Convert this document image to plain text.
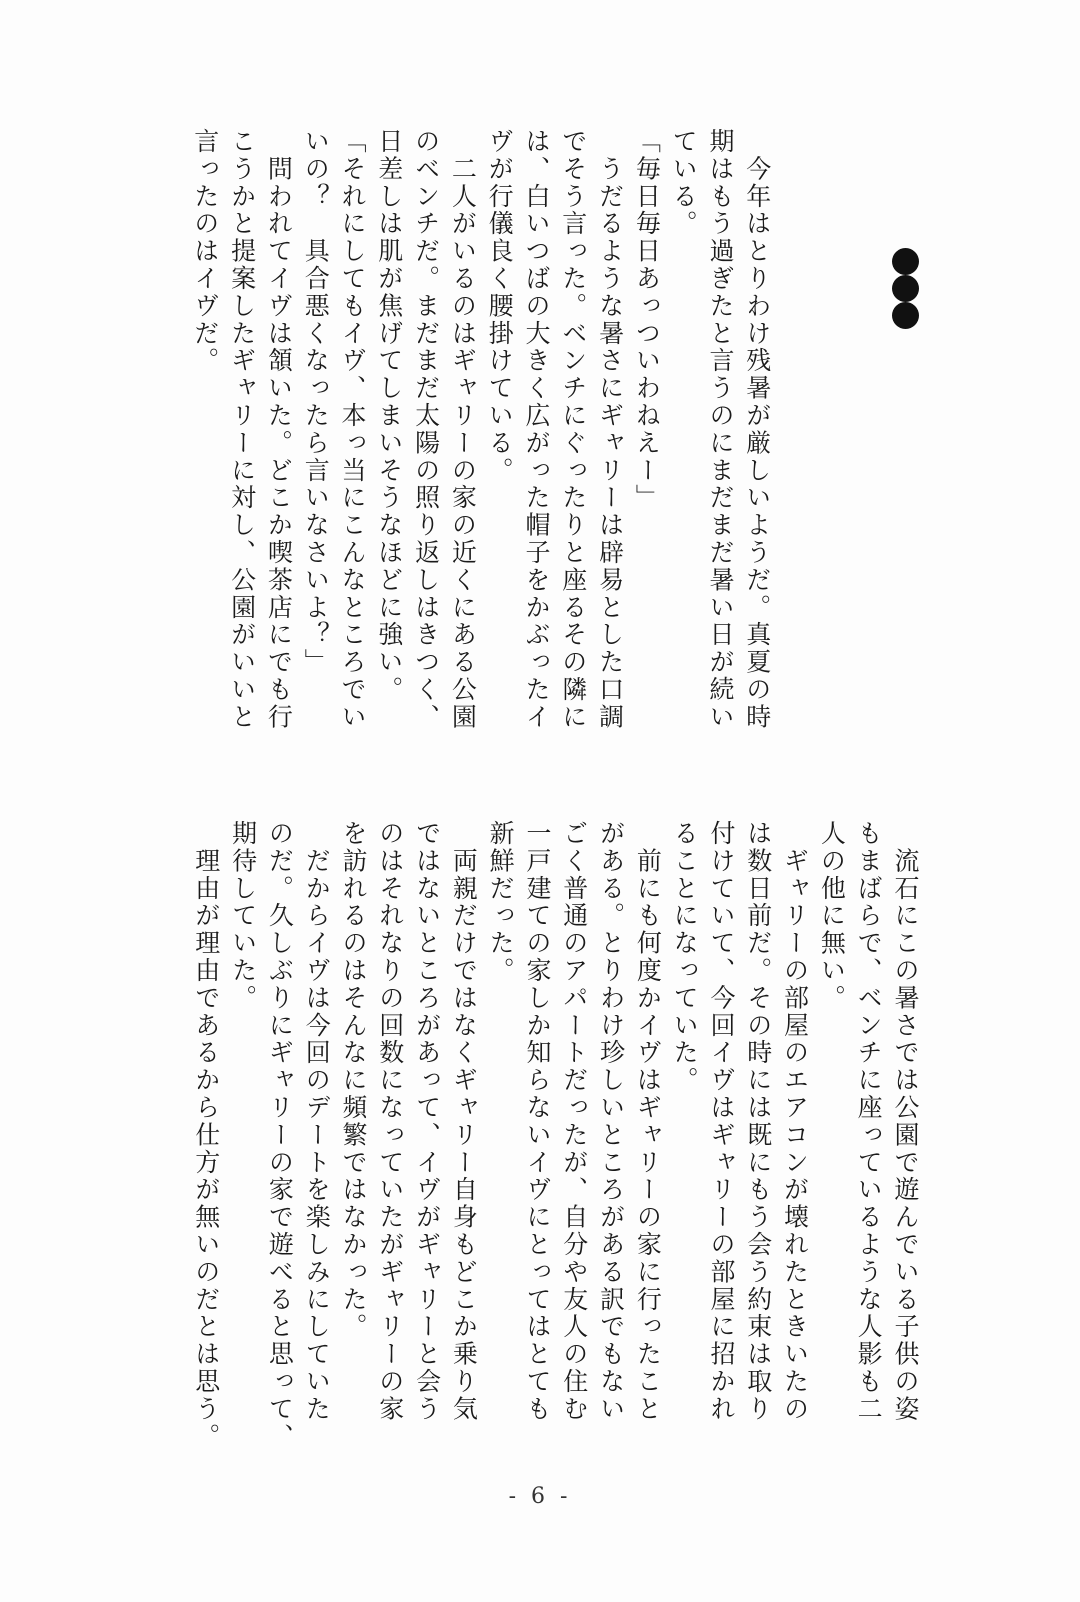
　今年はとりわけ残暑が厳しいようだ。真夏の時
期はもう過ぎたと言うのにまだまだ暑い日が続い
ている。
「毎日毎日あっついわねえー」
　うだるような暑さにギャリーは辟易とした口調
でそう言った。ベンチにぐったりと座るその隣に
は、白いつばの大きく広がった帽子をかぶったイ
ヴが行儀良く腰掛けている。
　二人がいるのはギャリーの家の近くにある公園
のベンチだ。まだまだ太陽の照り返しはきつく、
日差しは肌が焦げてしまいそうなほどに強い。
「それにしてもイヴ、本っ当にこんなところでい
いの？　具合悪くなったら言いなさいよ？」
　問われてイヴは頷いた。どこか喫茶店にでも行
こうかと提案したギャリーに対し、公園がいいと
言ったのはイヴだ。
　流石にこの暑さでは公園で遊んでいる子供の姿
もまばらで、ベンチに座っているような人影も二
人の他に無い。
　ギャリーの部屋のエアコンが壊れたときいたの
は数日前だ。その時には既にもう会う約束は取り
付けていて、今回イヴはギャリーの部屋に招かれ
ることになっていた。
　前にも何度かイヴはギャリーの家に行ったこと
がある。とりわけ珍しいところがある訳でもない
ごく普通のアパートだったが、自分や友人の住む
一戸建ての家しか知らないイヴにとってはとても
新鮮だった。
　両親だけではなくギャリー自身もどこか乗り気
ではないところがあって、イヴがギャリーと会う
のはそれなりの回数になっていたがギャリーの家
を訪れるのはそんなに頻繁ではなかった。
　だからイヴは今回のデートを楽しみにしていた
のだ。久しぶりにギャリーの家で遊べると思って、
期待していた。
　理由が理由であるから仕方が無いのだとは思う。
- 6 -
